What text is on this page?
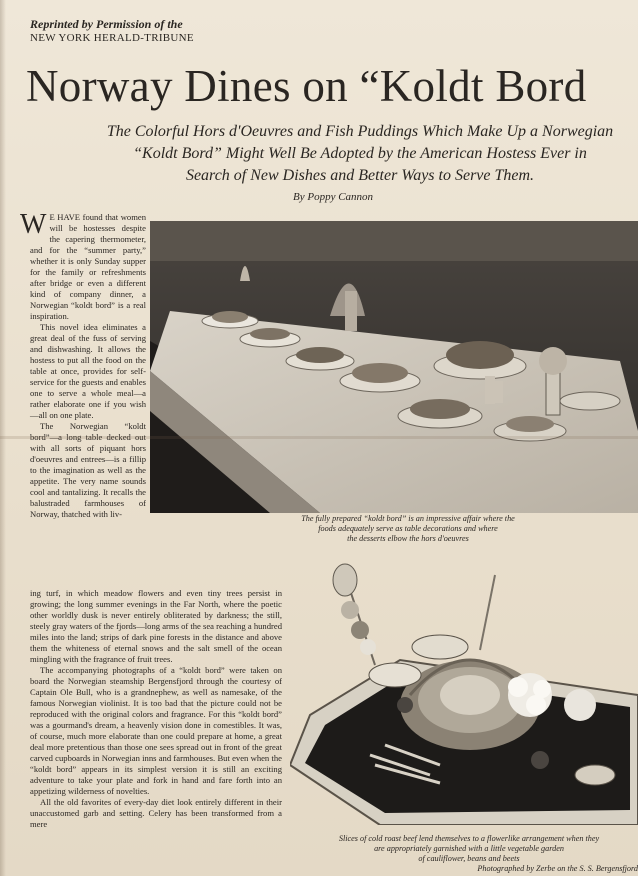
Reprinted by Permission of the
NEW YORK HERALD-TRIBUNE
Norway Dines on “Koldt Bord
The Colorful Hors d'Oeuvres and Fish Puddings Which Make Up a Norwegian
“Koldt Bord” Might Well Be Adopted by the American Hostess Ever in
Search of New Dishes and Better Ways to Serve Them.
By Poppy Cannon

W E HAVE found that women will be hostesses despite the capering thermometer, and for the “summer party,” whether it is only Sunday supper for the family or refreshments after bridge or even a different kind of company dinner, a Norwegian “koldt bord” is a real inspiration.

This novel idea eliminates a great deal of the fuss of serving and dishwashing. It allows the hostess to put all the food on the table at once, provides for self-service for the guests and enables one to serve a whole meal—a rather elaborate one if you wish—all on one plate.

The Norwegian “koldt bord”—a long table decked out with all sorts of piquant hors d'oeuvres and entrees—is a fillip to the imagination as well as the appetite. The very name sounds cool and tantalizing. It recalls the balustraded farmhouses of Norway, thatched with liv-

ing turf, in which meadow flowers and even tiny trees persist in growing; the long summer evenings in the Far North, where the poetic other worldly dusk is never entirely obliterated by darkness; the still, steely gray waters of the fjords—long arms of the sea reaching a hundred miles into the land; strips of dark pine forests in the distance and above them the whiteness of eternal snows and the salt smell of the ocean mingling with the fragrance of fruit trees.

The accompanying photographs of a “koldt bord” were taken on board the Norwegian steamship Bergensfjord through the courtesy of Captain Ole Bull, who is a grandnephew, as well as namesake, of the famous Norwegian violinist. It is too bad that the picture could not be reproduced with the original colors and fragrance. For this “koldt bord” was a gourmand's dream, a heavenly vision done in comestibles. It was, of course, much more elaborate than one could prepare at home, a great deal more pretentious than those one sees spread out in front of the great carved cupboards in Norwegian inns and farmhouses. But even when the “koldt bord” appears in its simplest version it is still an exciting adventure to take your plate and fork in hand and fare forth into an appetizing wilderness of novelties.

All the old favorites of every-day diet look entirely different in their unaccustomed garb and setting. Celery has been transformed from a mere

The fully prepared “koldt bord” is an impressive affair where the
foods adequately serve as table decorations and where
the desserts elbow the hors d'oeuvres
Slices of cold roast beef lend themselves to a flowerlike arrangement when they
are appropriately garnished with a little vegetable garden
of cauliflower, beans and beets
Photographed by Zerbe on the S. S. Bergensfjord
